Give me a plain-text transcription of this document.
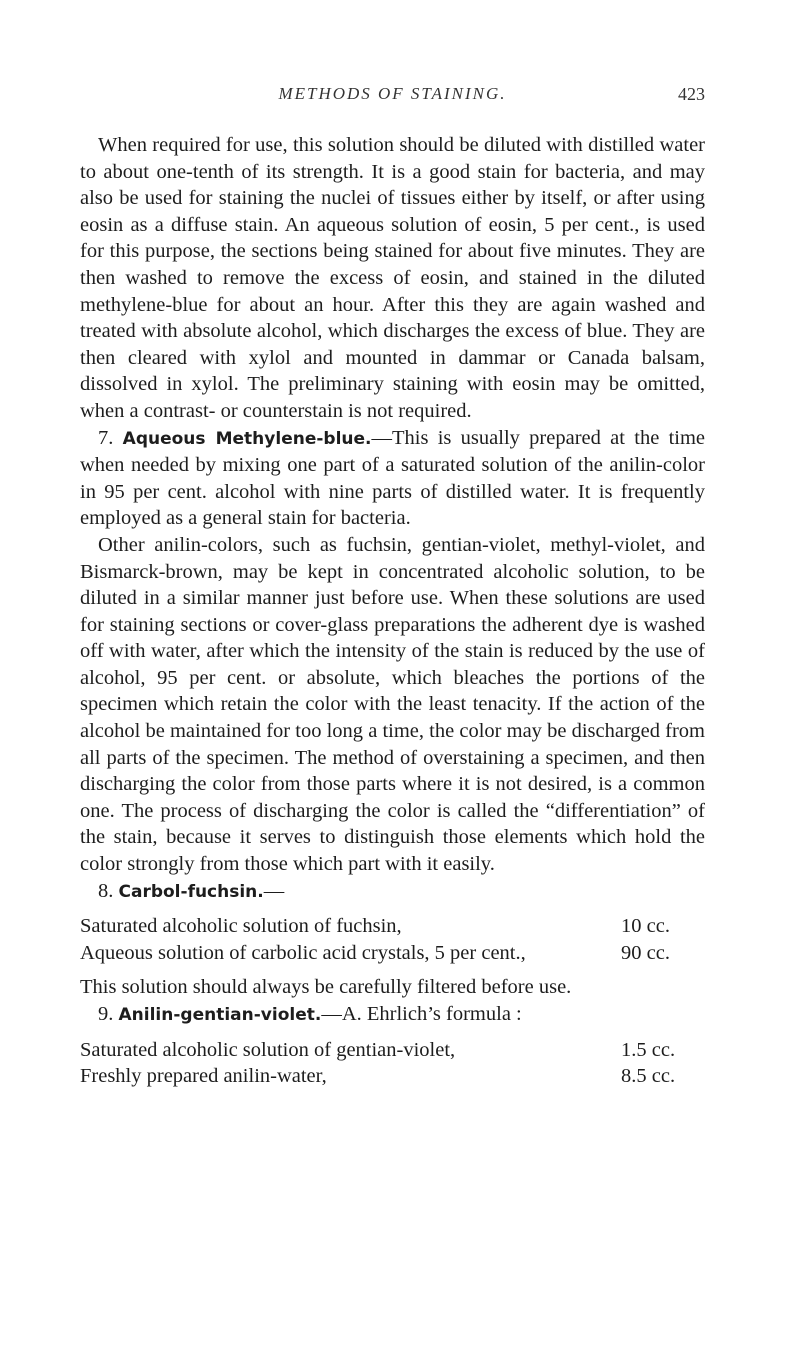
METHODS OF STAINING.	423

When required for use, this solution should be diluted with distilled water to about one-tenth of its strength. It is a good stain for bacteria, and may also be used for staining the nuclei of tissues either by itself, or after using eosin as a diffuse stain. An aqueous solution of eosin, 5 per cent., is used for this purpose, the sections being stained for about five minutes. They are then washed to remove the excess of eosin, and stained in the diluted methylene-blue for about an hour. After this they are again washed and treated with absolute alcohol, which discharges the excess of blue. They are then cleared with xylol and mounted in dammar or Canada balsam, dissolved in xylol. The preliminary staining with eosin may be omitted, when a contrast- or counterstain is not required.

7. Aqueous Methylene-blue.—This is usually prepared at the time when needed by mixing one part of a saturated solution of the anilin-color in 95 per cent. alcohol with nine parts of distilled water. It is frequently employed as a general stain for bacteria.

Other anilin-colors, such as fuchsin, gentian-violet, methyl-violet, and Bismarck-brown, may be kept in concentrated alcoholic solution, to be diluted in a similar manner just before use. When these solutions are used for staining sections or cover-glass preparations the adherent dye is washed off with water, after which the intensity of the stain is reduced by the use of alcohol, 95 per cent. or absolute, which bleaches the portions of the specimen which retain the color with the least tenacity. If the action of the alcohol be maintained for too long a time, the color may be discharged from all parts of the specimen. The method of overstaining a specimen, and then discharging the color from those parts where it is not desired, is a common one. The process of discharging the color is called the “differentiation” of the stain, because it serves to distinguish those elements which hold the color strongly from those which part with it easily.

8. Carbol-fuchsin.—

Saturated alcoholic solution of fuchsin,	10 cc.
Aqueous solution of carbolic acid crystals, 5 per cent.,	90 cc.

This solution should always be carefully filtered before use.

9. Anilin-gentian-violet.—A. Ehrlich’s formula :

Saturated alcoholic solution of gentian-violet,	1.5 cc.
Freshly prepared anilin-water,	8.5 cc.
